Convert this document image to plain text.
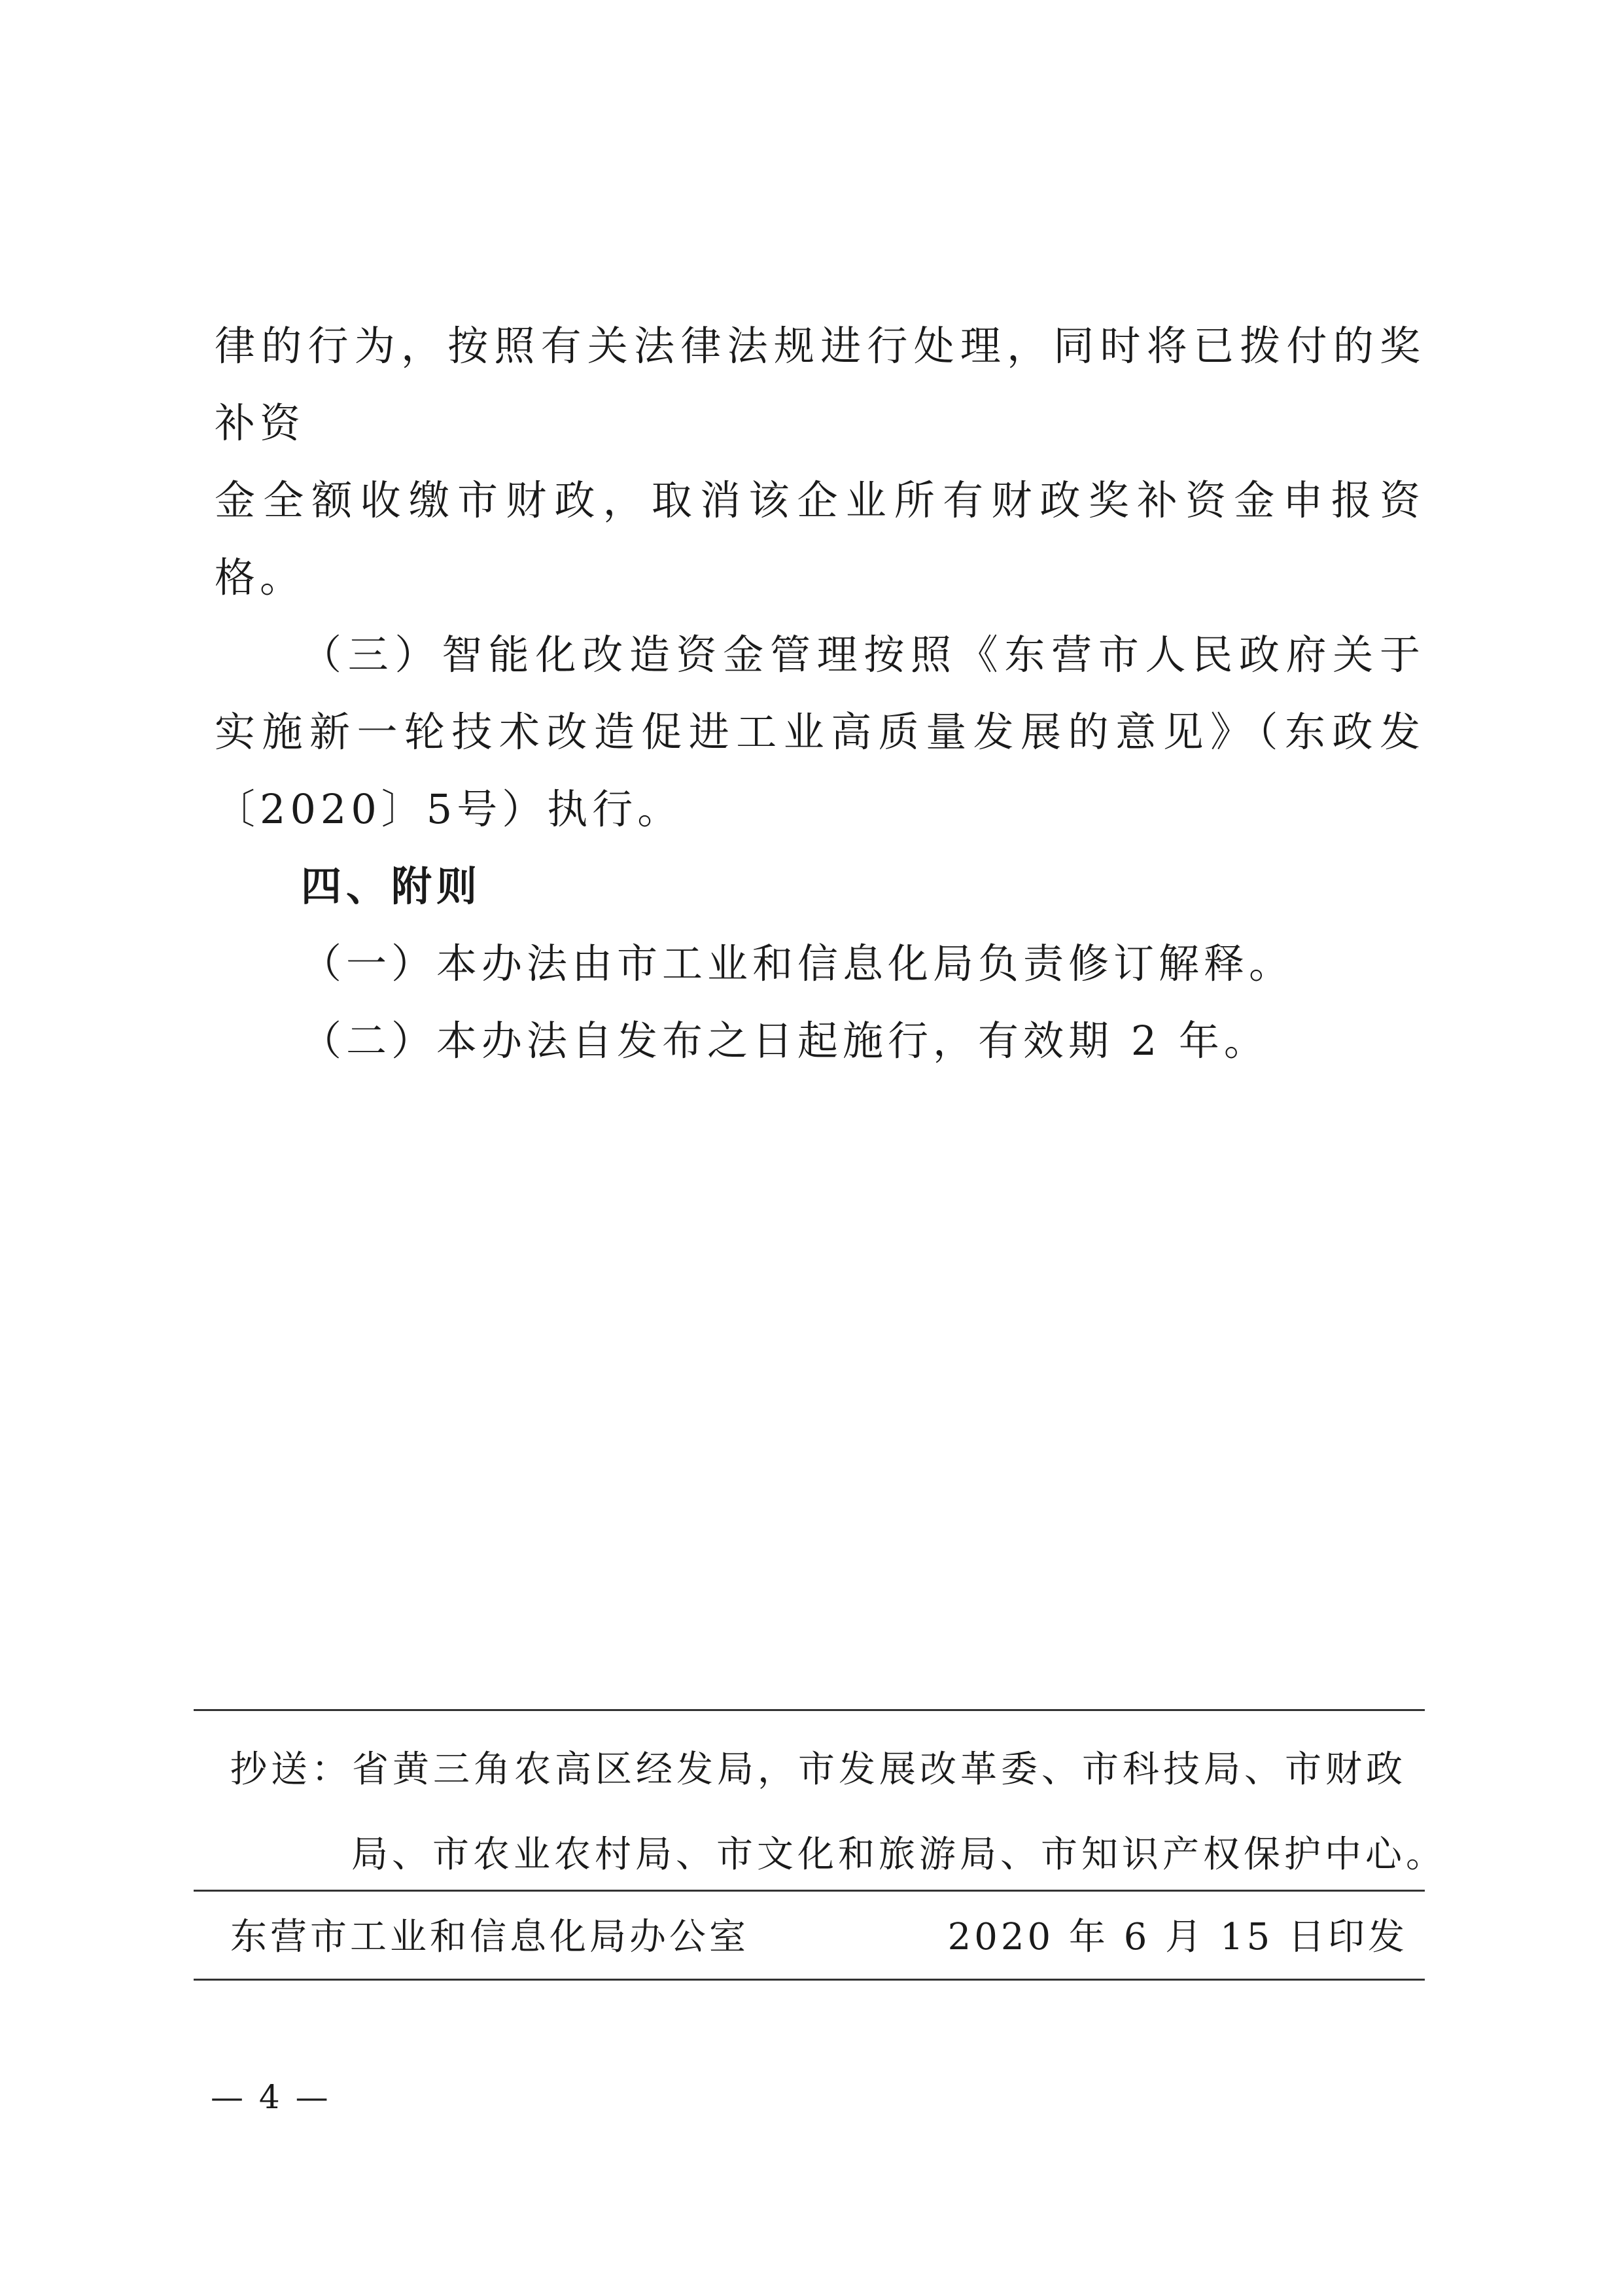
律的行为，按照有关法律法规进行处理，同时将已拨付的奖补资

金全额收缴市财政，取消该企业所有财政奖补资金申报资格。

（三）智能化改造资金管理按照《东营市人民政府关于实施新一轮技术改造促进工业高质量发展的意见》（东政发〔2020〕5号）执行。

四、附则

（一）本办法由市工业和信息化局负责修订解释。

（二）本办法自发布之日起施行，有效期 2 年。

抄送：省黄三角农高区经发局，市发展改革委、市科技局、市财政
局、市农业农村局、市文化和旅游局、市知识产权保护中心。
东营市工业和信息化局办公室	2020 年 6 月 15 日印发
— 4 —
